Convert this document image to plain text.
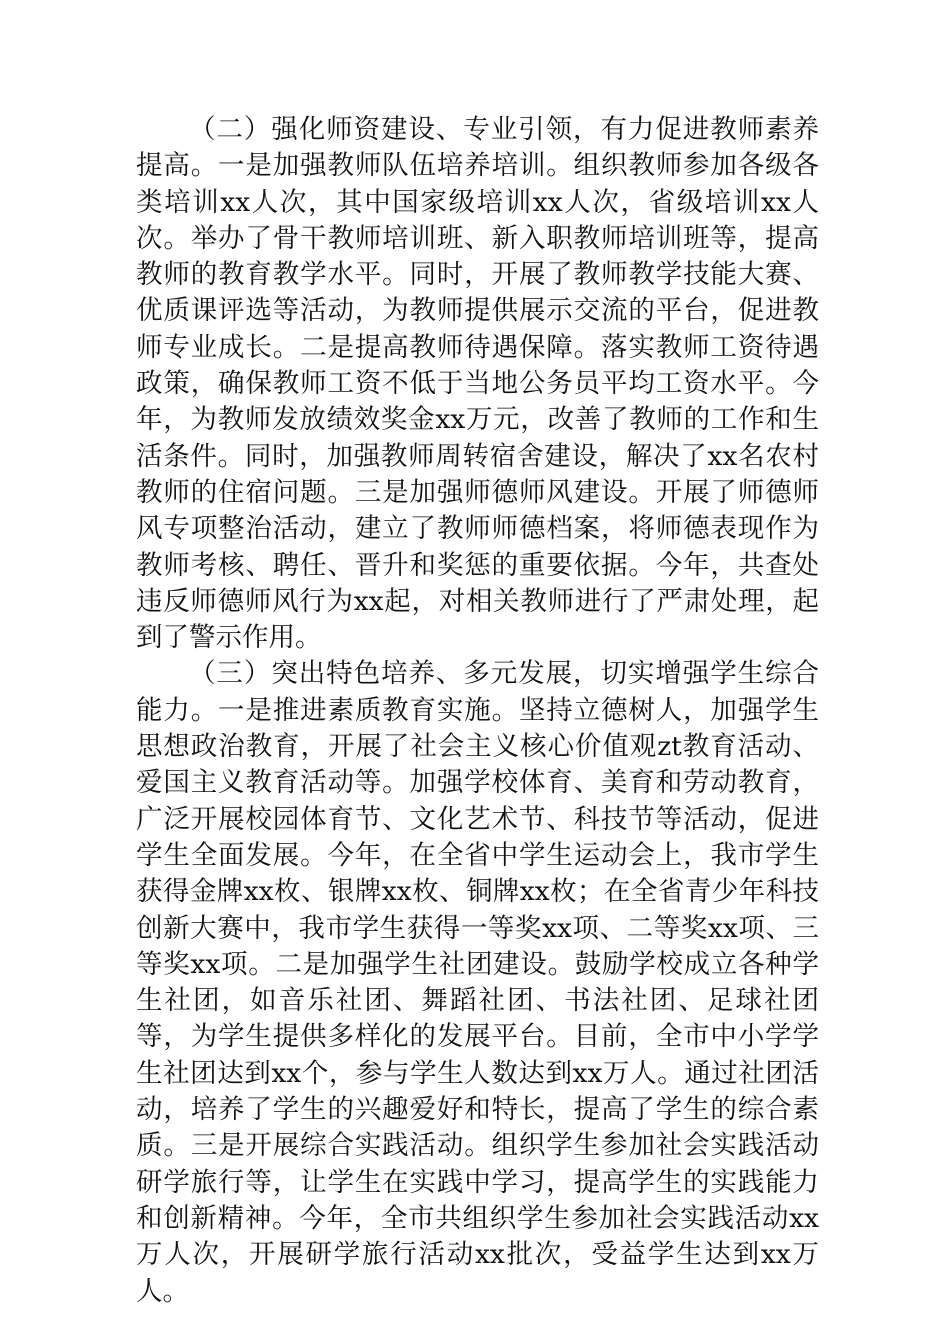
（二）强化师资建设、专业引领，有力促进教师素养提高。一是加强教师队伍培养培训。组织教师参加各级各类培训xx人次，其中国家级培训xx人次，省级培训xx人次。举办了骨干教师培训班、新入职教师培训班等，提高教师的教育教学水平。同时，开展了教师教学技能大赛、优质课评选等活动，为教师提供展示交流的平台，促进教师专业成长。二是提高教师待遇保障。落实教师工资待遇政策，确保教师工资不低于当地公务员平均工资水平。今年，为教师发放绩效奖金xx万元，改善了教师的工作和生活条件。同时，加强教师周转宿舍建设，解决了xx名农村教师的住宿问题。三是加强师德师风建设。开展了师德师风专项整治活动，建立了教师师德档案，将师德表现作为教师考核、聘任、晋升和奖惩的重要依据。今年，共查处违反师德师风行为xx起，对相关教师进行了严肃处理，起到了警示作用。

（三）突出特色培养、多元发展，切实增强学生综合能力。一是推进素质教育实施。坚持立德树人，加强学生思想政治教育，开展了社会主义核心价值观zt教育活动、爱国主义教育活动等。加强学校体育、美育和劳动教育，广泛开展校园体育节、文化艺术节、科技节等活动，促进学生全面发展。今年，在全省中学生运动会上，我市学生获得金牌xx枚、银牌xx枚、铜牌xx枚；在全省青少年科技创新大赛中，我市学生获得一等奖xx项、二等奖xx项、三等奖xx项。二是加强学生社团建设。鼓励学校成立各种学生社团，如音乐社团、舞蹈社团、书法社团、足球社团等，为学生提供多样化的发展平台。目前，全市中小学学生社团达到xx个，参与学生人数达到xx万人。通过社团活动，培养了学生的兴趣爱好和特长，提高了学生的综合素质。三是开展综合实践活动。组织学生参加社会实践活动研学旅行等，让学生在实践中学习，提高学生的实践能力和创新精神。今年，全市共组织学生参加社会实践活动xx万人次，开展研学旅行活动xx批次，受益学生达到xx万人。
